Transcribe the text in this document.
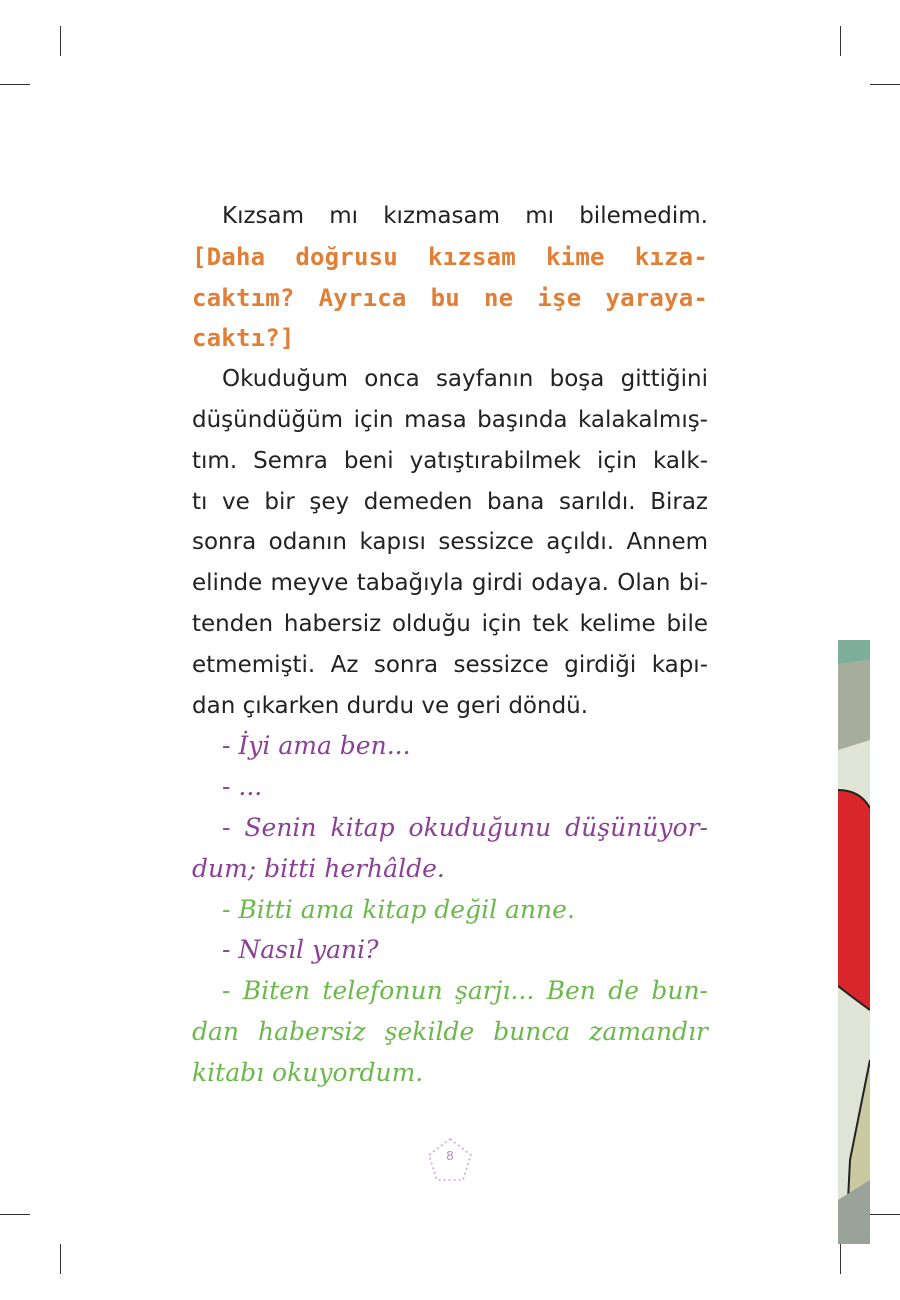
Kızsam mı kızmasam mı bilemedim.

[Daha doğrusu kızsam kime kıza-

caktım? Ayrıca bu ne işe yaraya-

caktı?]

Okuduğum onca sayfanın boşa gittiğini

düşündüğüm için masa başında kalakalmış-

tım. Semra beni yatıştırabilmek için kalk-

tı ve bir şey demeden bana sarıldı. Biraz

sonra odanın kapısı sessizce açıldı. Annem

elinde meyve tabağıyla girdi odaya. Olan bi-

tenden habersiz olduğu için tek kelime bile

etmemişti. Az sonra sessizce girdiği kapı-

dan çıkarken durdu ve geri döndü.

- İyi ama ben...

- ...

- Senin kitap okuduğunu düşünüyor-

dum; bitti herhâlde.

- Bitti ama kitap değil anne.

- Nasıl yani?

- Biten telefonun şarjı... Ben de bun-

dan habersiz şekilde bunca zamandır

kitabı okuyordum.

8
